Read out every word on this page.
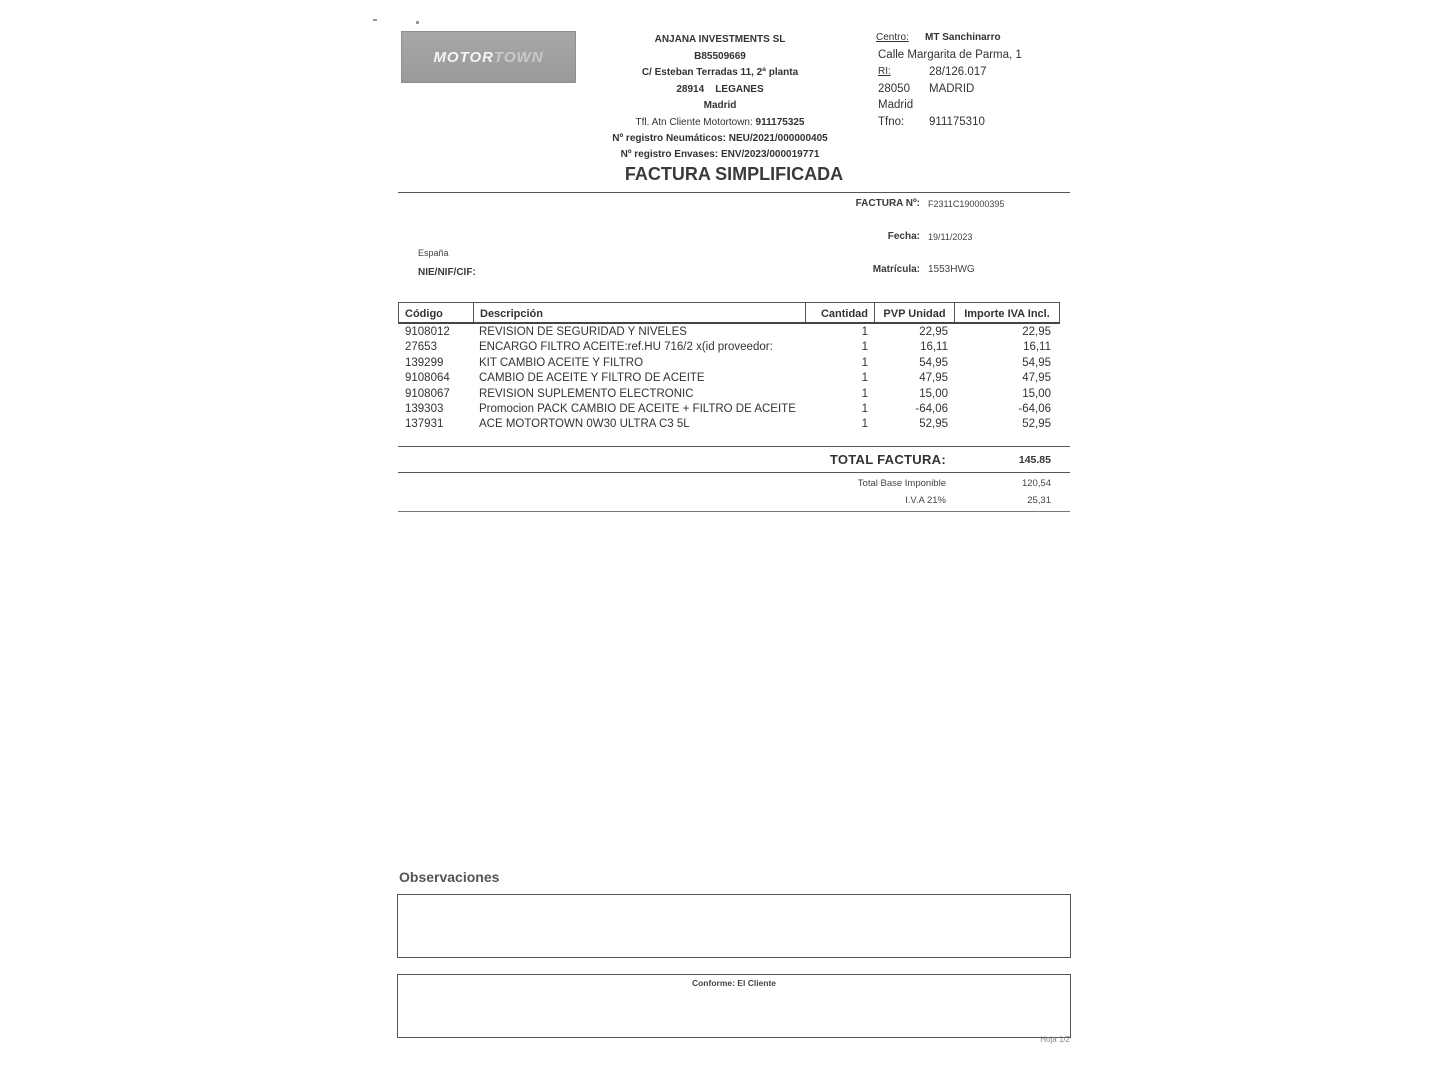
MOTOR TOWN
ANJANA INVESTMENTS SL
B85509669
C/ Esteban Terradas 11, 2ª planta
28914 LEGANES
Madrid
Tfl. Atn Cliente Motortown: 911175325
Nº registro Neumáticos: NEU/2021/000000405
Nº registro Envases: ENV/2023/000019771
Centro: MT Sanchinarro
Calle Margarita de Parma, 1
RI:	28/126.017
28050 MADRID
Madrid
Tfno: 911175310
FACTURA SIMPLIFICADA
FACTURA Nº: F2311C190000395
Fecha: 19/11/2023
Matrícula: 1553HWG
España
NIE/NIF/CIF:
Código	Descripción	Cantidad	PVP Unidad	Importe IVA Incl.
9108012	REVISION DE SEGURIDAD Y NIVELES	1	22,95	22,95
27653	ENCARGO FILTRO ACEITE:ref.HU 716/2 x(id proveedor:	1	16,11	16,11
139299	KIT CAMBIO ACEITE Y FILTRO	1	54,95	54,95
9108064	CAMBIO DE ACEITE Y FILTRO DE ACEITE	1	47,95	47,95
9108067	REVISION SUPLEMENTO ELECTRONIC	1	15,00	15,00
139303	Promocion PACK CAMBIO DE ACEITE + FILTRO DE ACEITE	1	-64,06	-64,06
137931	ACE MOTORTOWN 0W30 ULTRA C3 5L	1	52,95	52,95
TOTAL FACTURA:	145.85
Total Base Imponible	120,54
I.V.A 21%	25,31
Observaciones
Conforme: El Cliente
Hoja 1/2
